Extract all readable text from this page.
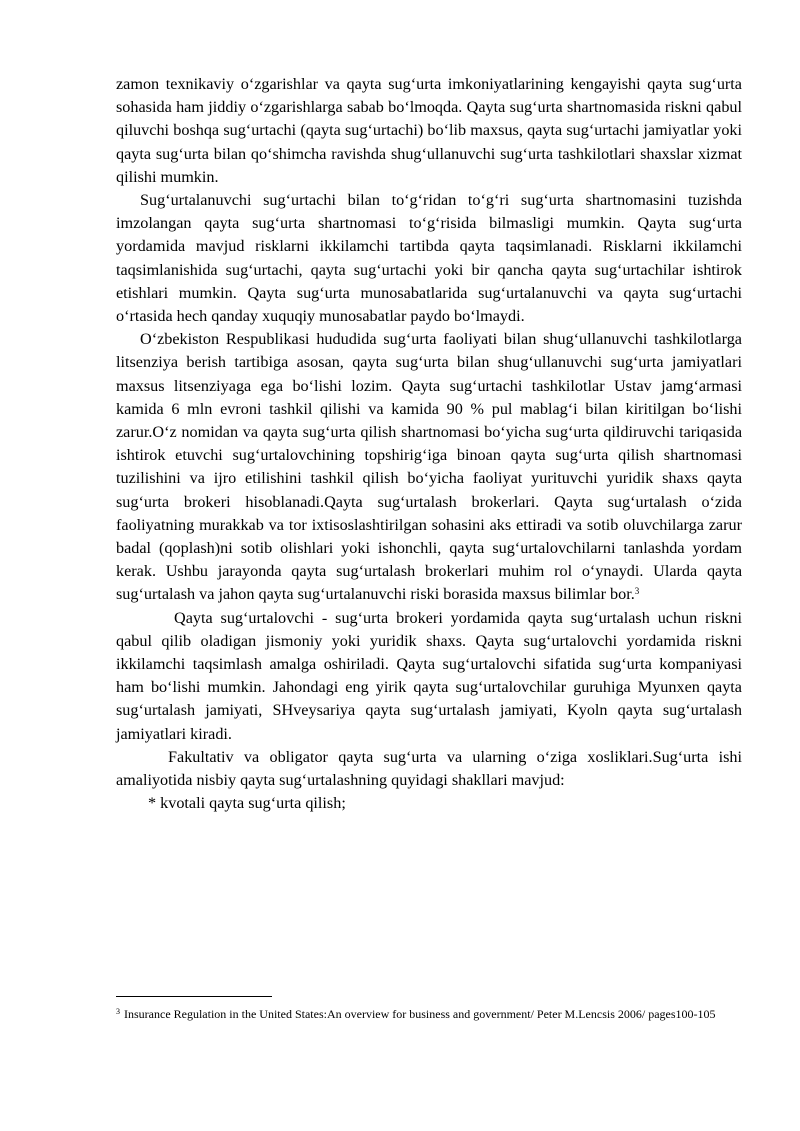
zamon texnikaviy o‘zgarishlar va qayta sug‘urta imkoniyatlarining kengayishi qayta sug‘urta sohasida ham jiddiy o‘zgarishlarga sabab bo‘lmoqda. Qayta sug‘urta shartnomasida riskni qabul qiluvchi boshqa sug‘urtachi (qayta sug‘urtachi) bo‘lib maxsus, qayta sug‘urtachi jamiyatlar yoki qayta sug‘urta bilan qo‘shimcha ravishda shug‘ullanuvchi sug‘urta tashkilotlari shaxslar xizmat qilishi mumkin.

Sug‘urtalanuvchi sug‘urtachi bilan to‘g‘ridan to‘g‘ri sug‘urta shartnomasini tuzishda imzolangan qayta sug‘urta shartnomasi to‘g‘risida bilmasligi mumkin. Qayta sug‘urta yordamida mavjud risklarni ikkilamchi tartibda qayta taqsimlanadi. Risklarni ikkilamchi taqsimlanishida sug‘urtachi, qayta sug‘urtachi yoki bir qancha qayta sug‘urtachilar ishtirok etishlari mumkin. Qayta sug‘urta munosabatlarida sug‘urtalanuvchi va qayta sug‘urtachi o‘rtasida hech qanday xuquqiy munosabatlar paydo bo‘lmaydi.

O‘zbekiston Respublikasi hududida sug‘urta faoliyati bilan shug‘ullanuvchi tashkilotlarga litsenziya berish tartibiga asosan, qayta sug‘urta bilan shug‘ullanuvchi sug‘urta jamiyatlari maxsus litsenziyaga ega bo‘lishi lozim. Qayta sug‘urtachi tashkilotlar Ustav jamg‘armasi kamida 6 mln evroni tashkil qilishi va kamida 90 % pul mablag‘i bilan kiritilgan bo‘lishi zarur.O‘z nomidan va qayta sug‘urta qilish shartnomasi bo‘yicha sug‘urta qildiruvchi tariqasida ishtirok etuvchi sug‘urtalovchining topshirig‘iga binoan qayta sug‘urta qilish shartnomasi tuzilishini va ijro etilishini tashkil qilish bo‘yicha faoliyat yurituvchi yuridik shaxs qayta sug‘urta brokeri hisoblanadi.Qayta sug‘urtalash brokerlari. Qayta sug‘urtalash o‘zida faoliyatning murakkab va tor ixtisoslashtirilgan sohasini aks ettiradi va sotib oluvchilarga zarur badal (qoplash)ni sotib olishlari yoki ishonchli, qayta sug‘urtalovchilarni tanlashda yordam kerak. Ushbu jarayonda qayta sug‘urtalash brokerlari muhim rol o‘ynaydi. Ularda qayta sug‘urtalash va jahon qayta sug‘urtalanuvchi riski borasida maxsus bilimlar bor.$^3$

Qayta sug‘urtalovchi - sug‘urta brokeri yordamida qayta sug‘urtalash uchun riskni qabul qilib oladigan jismoniy yoki yuridik shaxs. Qayta sug‘urtalovchi yordamida riskni ikkilamchi taqsimlash amalga oshiriladi. Qayta sug‘urtalovchi sifatida sug‘urta kompaniyasi ham bo‘lishi mumkin. Jahondagi eng yirik qayta sug‘urtalovchilar guruhiga Myunxen qayta sug‘urtalash jamiyati, SHveysariya qayta sug‘urtalash jamiyati, Kyoln qayta sug‘urtalash jamiyatlari kiradi.

Fakultativ va obligator qayta sug‘urta va ularning o‘ziga xosliklari.Sug‘urta ishi amaliyotida nisbiy qayta sug‘urtalashning quyidagi shakllari mavjud:

* kvotali qayta sug‘urta qilish;

$^3$ Insurance Regulation in the United States:An overview for business and government/ Peter M.Lencsis 2006/ pages100-105
